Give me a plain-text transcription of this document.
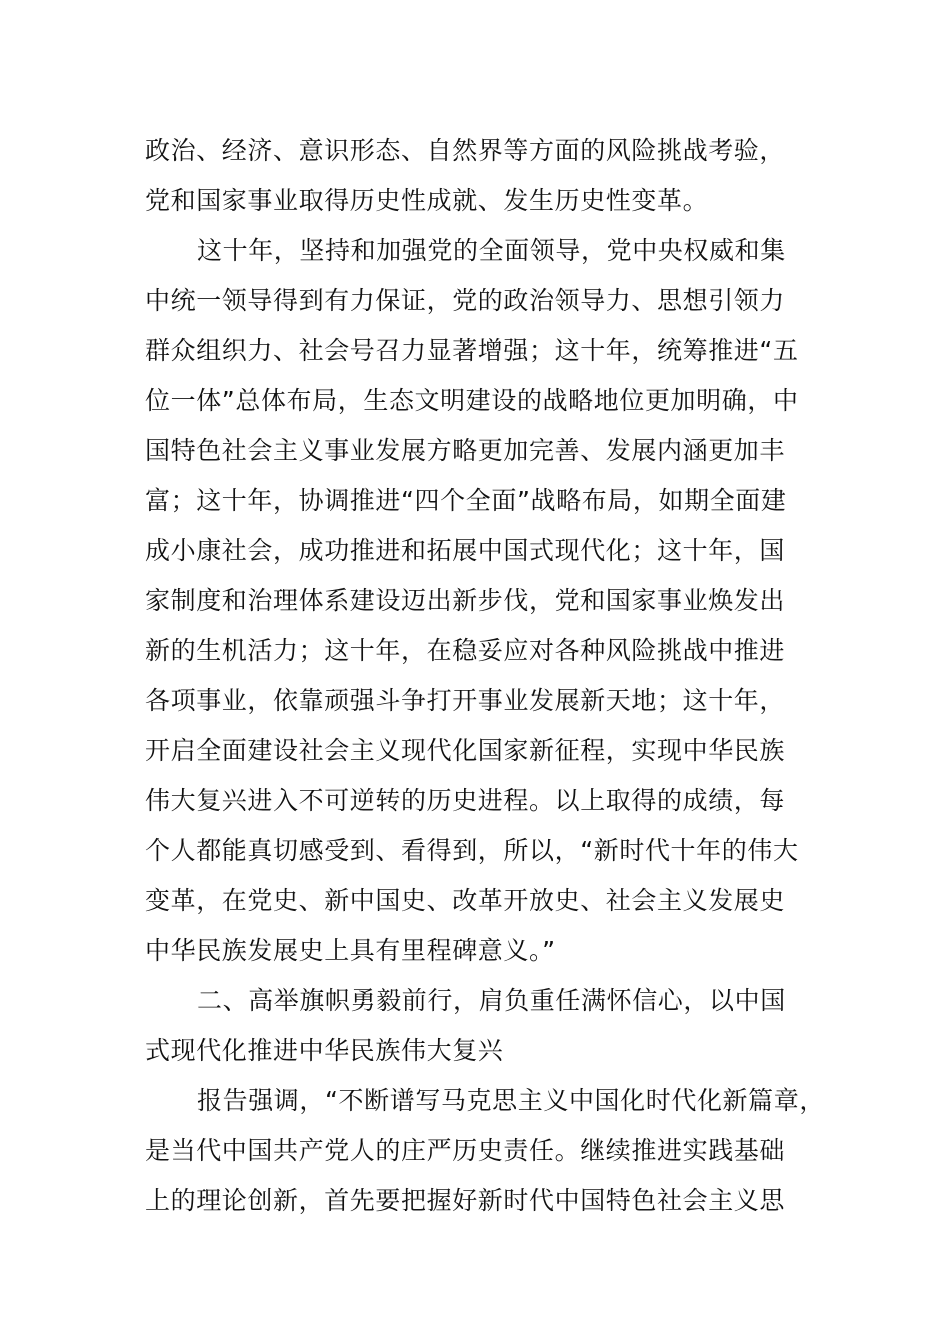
政治、经济、意识形态、自然界等方面的风险挑战考验，
党和国家事业取得历史性成就、发生历史性变革。
这十年，坚持和加强党的全面领导，党中央权威和集
中统一领导得到有力保证，党的政治领导力、思想引领力
群众组织力、社会号召力显著增强；这十年，统筹推进“五
位一体”总体布局，生态文明建设的战略地位更加明确，中
国特色社会主义事业发展方略更加完善、发展内涵更加丰
富；这十年，协调推进“四个全面”战略布局，如期全面建
成小康社会，成功推进和拓展中国式现代化；这十年，国
家制度和治理体系建设迈出新步伐，党和国家事业焕发出
新的生机活力；这十年，在稳妥应对各种风险挑战中推进
各项事业，依靠顽强斗争打开事业发展新天地；这十年，
开启全面建设社会主义现代化国家新征程，实现中华民族
伟大复兴进入不可逆转的历史进程。以上取得的成绩，每
个人都能真切感受到、看得到，所以，“新时代十年的伟大
变革，在党史、新中国史、改革开放史、社会主义发展史
中华民族发展史上具有里程碑意义。”
二、高举旗帜勇毅前行，肩负重任满怀信心，以中国
式现代化推进中华民族伟大复兴
报告强调，“不断谱写马克思主义中国化时代化新篇章，
是当代中国共产党人的庄严历史责任。继续推进实践基础
上的理论创新，首先要把握好新时代中国特色社会主义思
